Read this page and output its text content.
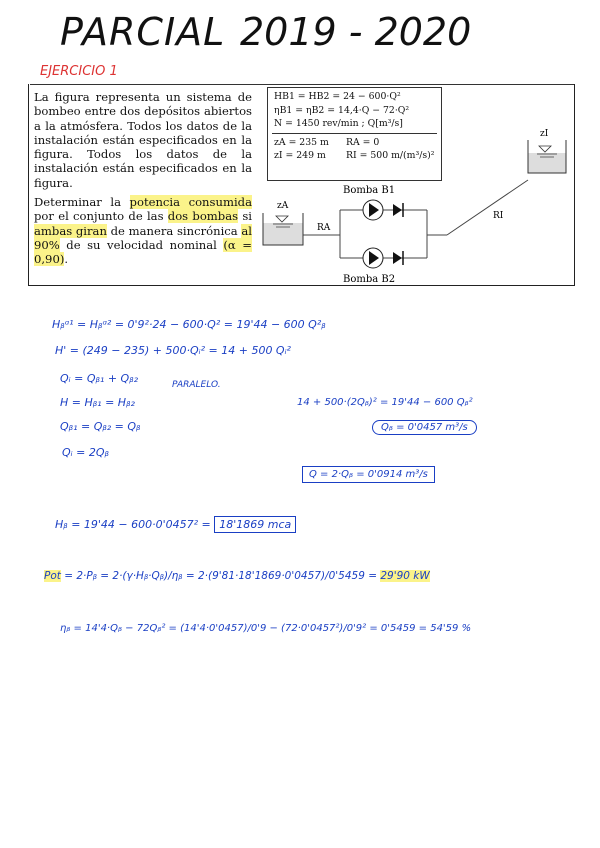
PARCIAL 2019 - 2020
EJERCICIO 1

La figura representa un sistema de bombeo entre dos depósitos abiertos a la atmósfera. Todos los datos de la instalación están especificados en la figura. Todos los datos de la instalación están especificados en la figura.

Determinar la potencia consumida por el conjunto de las dos bombas si ambas giran de manera sincrónica al 90% de su velocidad nominal (α = 0,90).

HB1 = HB2 = 24 − 600·Q²
ηB1 = ηB2 = 14,4·Q − 72·Q²
N = 1450 rev/min ; Q[m³/s]
zA = 235 m RA = 0
zI = 249 m RI = 500 m/(m³/s)²
zI
zA
Bomba B1
Bomba B2
RA
RI
Hᵦᵅ¹ = Hᵦᵅ² = 0'9²·24 − 600·Q² = 19'44 − 600 Q²ᵦ
H' = (249 − 235) + 500·Qᵢ² = 14 + 500 Qᵢ²
Qᵢ = Qᵦ₁ + Qᵦ₂	PARALELO.
H = Hᵦ₁ = Hᵦ₂
Qᵦ₁ = Qᵦ₂ = Qᵦ
Qᵢ = 2Qᵦ
14 + 500·(2Qᵦ)² = 19'44 − 600 Qᵦ²
Qᵦ = 0'0457 m³/s
Q = 2·Qᵦ = 0'0914 m³/s
Hᵦ = 19'44 − 600·0'0457² = 18'1869 mca
Pot = 2·Pᵦ = 2·(γ·Hᵦ·Qᵦ)/ηᵦ = 2·(9'81·18'1869·0'0457)/0'5459 = 29'90 kW
ηᵦ = 14'4·Qᵦ − 72Qᵦ² = (14'4·0'0457)/0'9 − (72·0'0457²)/0'9² = 0'5459 = 54'59 %
